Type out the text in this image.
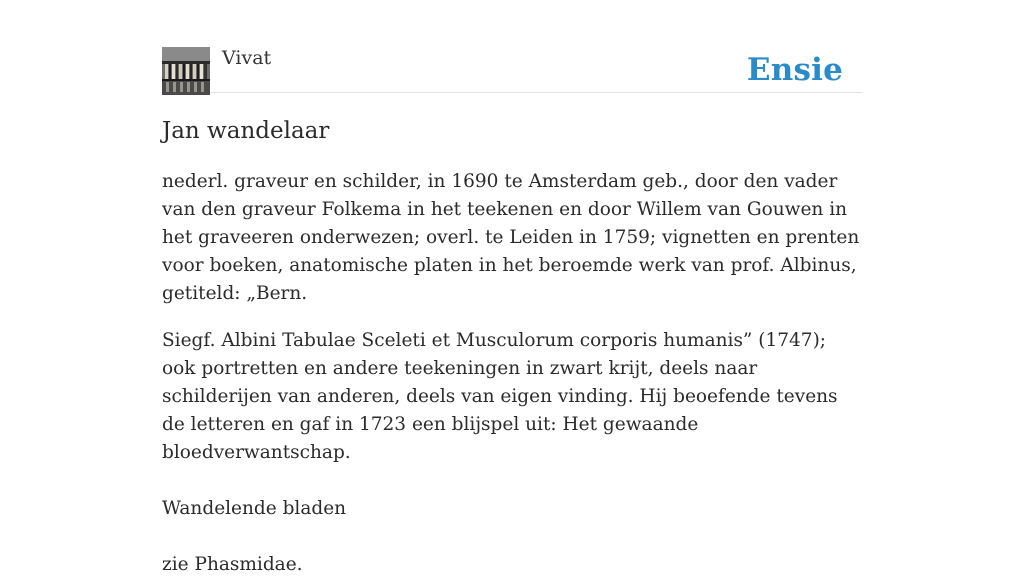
Vivat	Ensie
Jan wandelaar

nederl. graveur en schilder, in 1690 te Amsterdam geb., door den vader van den graveur Folkema in het teekenen en door Willem van Gouwen in het graveeren onderwezen; overl. te Leiden in 1759; vignetten en prenten voor boeken, anatomische platen in het beroemde werk van prof. Albinus, getiteld: „Bern.

Siegf. Albini Tabulae Sceleti et Musculorum corporis humanis” (1747); ook portretten en andere teekeningen in zwart krijt, deels naar schilderijen van anderen, deels van eigen vinding. Hij beoefende tevens de letteren en gaf in 1723 een blijspel uit: Het gewaande bloedverwantschap.

Wandelende bladen

zie Phasmidae.
